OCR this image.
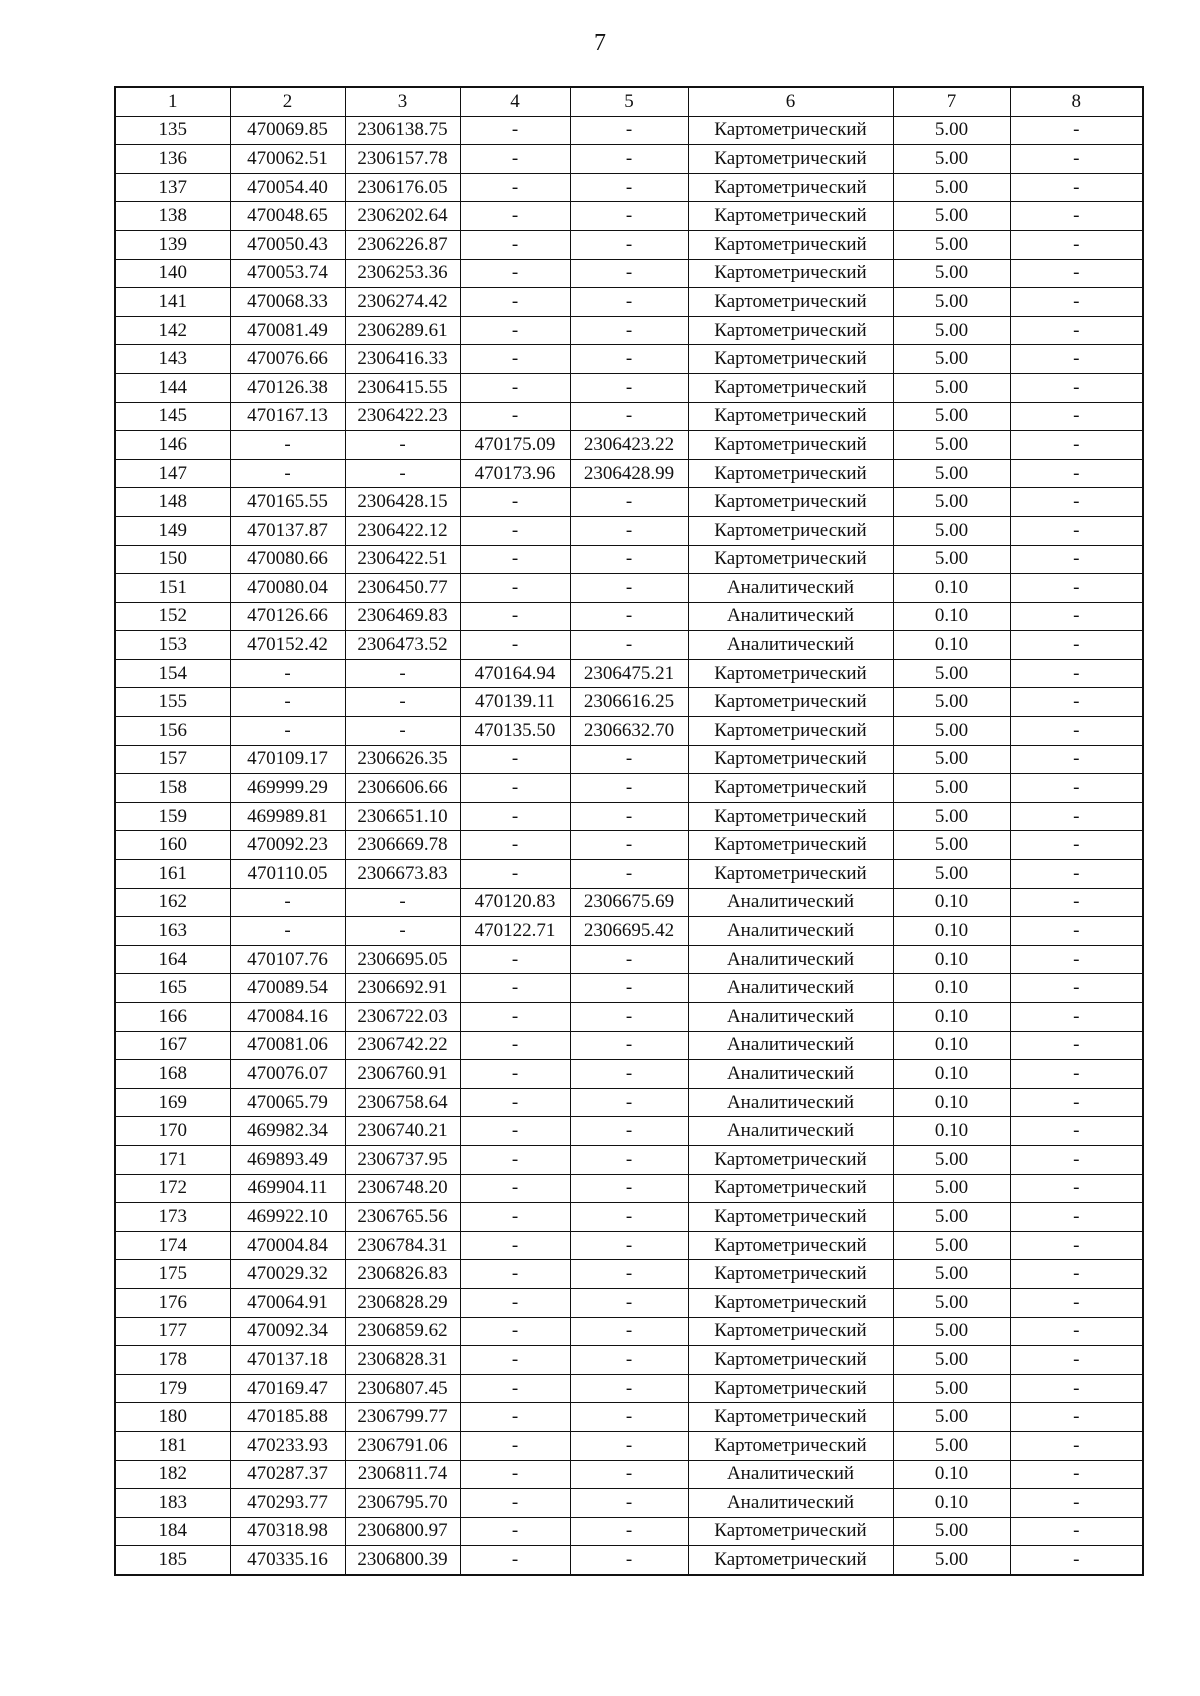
7
1	2	3	4	5	6	7	8
135	470069.85	2306138.75	-	-	Картометрический	5.00	-
136	470062.51	2306157.78	-	-	Картометрический	5.00	-
137	470054.40	2306176.05	-	-	Картометрический	5.00	-
138	470048.65	2306202.64	-	-	Картометрический	5.00	-
139	470050.43	2306226.87	-	-	Картометрический	5.00	-
140	470053.74	2306253.36	-	-	Картометрический	5.00	-
141	470068.33	2306274.42	-	-	Картометрический	5.00	-
142	470081.49	2306289.61	-	-	Картометрический	5.00	-
143	470076.66	2306416.33	-	-	Картометрический	5.00	-
144	470126.38	2306415.55	-	-	Картометрический	5.00	-
145	470167.13	2306422.23	-	-	Картометрический	5.00	-
146	-	-	470175.09	2306423.22	Картометрический	5.00	-
147	-	-	470173.96	2306428.99	Картометрический	5.00	-
148	470165.55	2306428.15	-	-	Картометрический	5.00	-
149	470137.87	2306422.12	-	-	Картометрический	5.00	-
150	470080.66	2306422.51	-	-	Картометрический	5.00	-
151	470080.04	2306450.77	-	-	Аналитический	0.10	-
152	470126.66	2306469.83	-	-	Аналитический	0.10	-
153	470152.42	2306473.52	-	-	Аналитический	0.10	-
154	-	-	470164.94	2306475.21	Картометрический	5.00	-
155	-	-	470139.11	2306616.25	Картометрический	5.00	-
156	-	-	470135.50	2306632.70	Картометрический	5.00	-
157	470109.17	2306626.35	-	-	Картометрический	5.00	-
158	469999.29	2306606.66	-	-	Картометрический	5.00	-
159	469989.81	2306651.10	-	-	Картометрический	5.00	-
160	470092.23	2306669.78	-	-	Картометрический	5.00	-
161	470110.05	2306673.83	-	-	Картометрический	5.00	-
162	-	-	470120.83	2306675.69	Аналитический	0.10	-
163	-	-	470122.71	2306695.42	Аналитический	0.10	-
164	470107.76	2306695.05	-	-	Аналитический	0.10	-
165	470089.54	2306692.91	-	-	Аналитический	0.10	-
166	470084.16	2306722.03	-	-	Аналитический	0.10	-
167	470081.06	2306742.22	-	-	Аналитический	0.10	-
168	470076.07	2306760.91	-	-	Аналитический	0.10	-
169	470065.79	2306758.64	-	-	Аналитический	0.10	-
170	469982.34	2306740.21	-	-	Аналитический	0.10	-
171	469893.49	2306737.95	-	-	Картометрический	5.00	-
172	469904.11	2306748.20	-	-	Картометрический	5.00	-
173	469922.10	2306765.56	-	-	Картометрический	5.00	-
174	470004.84	2306784.31	-	-	Картометрический	5.00	-
175	470029.32	2306826.83	-	-	Картометрический	5.00	-
176	470064.91	2306828.29	-	-	Картометрический	5.00	-
177	470092.34	2306859.62	-	-	Картометрический	5.00	-
178	470137.18	2306828.31	-	-	Картометрический	5.00	-
179	470169.47	2306807.45	-	-	Картометрический	5.00	-
180	470185.88	2306799.77	-	-	Картометрический	5.00	-
181	470233.93	2306791.06	-	-	Картометрический	5.00	-
182	470287.37	2306811.74	-	-	Аналитический	0.10	-
183	470293.77	2306795.70	-	-	Аналитический	0.10	-
184	470318.98	2306800.97	-	-	Картометрический	5.00	-
185	470335.16	2306800.39	-	-	Картометрический	5.00	-
